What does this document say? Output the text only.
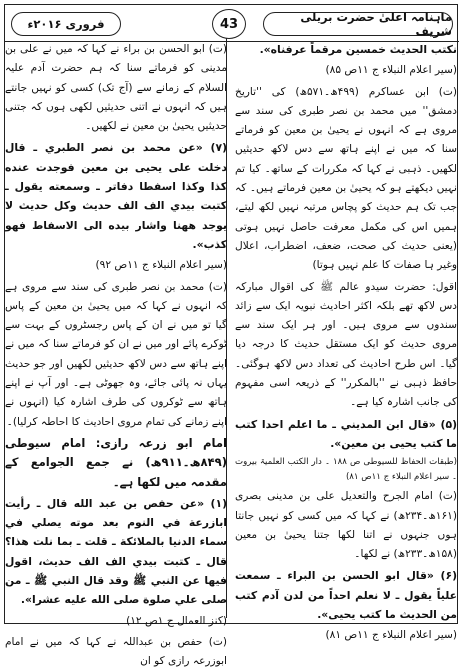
ماہنامہ اعلیٰ حضرت بریلی شریف
43
فروری ۲۰۱۶ء

نكتب الحديث خمسين مرقماً عرفناه».

(سیر اعلام النبلاء ج ۱۱ص ۸۵)

(ت) ابن عساکرم (۴۹۹ھ۔۵۷۱ھ) کی ''تاریخ دمشق'' میں محمد بن نصر طبری کی سند سے مروی ہے کہ انہوں نے یحییٰ بن معین کو فرماتے سنا کہ میں نے اپنے ہاتھ سے دس لاکھ حدیثیں لکھیں۔ ذہبی نے کہا کہ مکررات کے ساتھ۔ کیا تم نہیں دیکھتے ہو کہ یحییٰ بن معین فرماتے ہیں۔ کہ جب تک ہم حدیث کو پچاس مرتبہ نہیں لکھ لیتے، ہمیں اس کی مکمل معرفت حاصل نہیں ہوتی (یعنی حدیث کی صحت، ضعف، اضطراب، اعلال وغیر ہا صفات کا علم نہیں ہوتا)

اقول: حضرت سیدو عالم ﷺ کی اقوال مبارکہ دس لاکھ تھے بلکہ اکثر احادیث نبویہ ایک سے زائد سندوں سے مروی ہیں۔ اور ہر ایک سند سے مروی حدیث کو ایک مستقل حدیث کا درجہ دیا گیا۔ اس طرح احادیث کی تعداد دس لاکھ ہوگئی۔ حافظ ذہبی نے ''بالمکرر'' کے ذریعہ اسی مفہوم کی جانب اشارہ کیا ہے۔

(۵) «قال ابن المديني ـ ما اعلم احدا كتب ما كتب يحيى بن معين».

(طبقات الحفاظ للسیوطی ص ۱۸۸ ۔ دار الکتب العلمیۃ بیروت ۔ سیر اعلام النبلاء ج ۱۱ص ۸۱)

(ت) امام الجرح والتعدیل علی بن مدینی بصری (۱۶۱ھ۔۲۳۴ھ) نے کہا کہ میں کسی کو نہیں جانتا ہوں جنہوں نے اتنا لکھا جتنا یحییٰ بن معین (۱۵۸ھ۔۲۳۳ھ) نے لکھا۔

(۶) «قال ابو الحسن بن البراء ـ سمعت علياً يقول ـ لا نعلم احداً من لدن آدم كتب من الحديث ما كتب يحيى».

(سیر اعلام النبلاء ج ۱۱ص ۸۱)

(ت) ابو الحسن بن براء نے کہا کہ میں نے علی بن مدینی کو فرماتے سنا کہ ہم حضرت آدم علیہ السلام کے زمانے سے (آج تک) کسی کو نہیں جانتے ہیں کہ انہوں نے اتنی حدیثیں لکھی ہوں کہ جتنی حدیثیں یحییٰ بن معین نے لکھیں۔

(۷) «عن محمد بن نصر الطبري ـ قال دخلت على يحيى بن معين فوجدت عنده كذا وكذا اسفطا دفاتر ـ وسمعته يقول ـ كتبت بيدي الف الف حديث وكل حديث لا يوجد ههنا واشار بيده الى الاسفاط فهو كذب».

(سیر اعلام النبلاء ج ۱۱ص ۹۲)

(ت) محمد بن نصر طبری کی سند سے مروی ہے کہ انہوں نے کہا کہ میں یحییٰ بن معین کے پاس گیا تو میں نے ان کے پاس رجسٹروں کے بہت سے ٹوکرے پائے اور میں نے ان کو فرماتے سنا کہ میں نے اپنے ہاتھ سے دس لاکھ حدیثیں لکھیں اور جو حدیث یہاں نہ پائی جائے، وہ جھوٹی ہے۔ اور آپ نے اپنے ہاتھ سے ٹوکروں کی طرف اشارہ کیا (انہوں نے اپنے زمانے کی تمام مروی احادیث کا احاطہ کرلیا)۔

امام ابو زرعہ رازی: امام سیوطی (۸۴۹ھ۔۹۱۱ھ) نے جمع الجوامع کے مقدمہ میں لکھا ہے۔

(۱) «عن حفص بن عبد الله قال ـ رأيت ابازرعة في النوم بعد موته يصلي في سماء الدنيا بالملائكة ـ قلت ـ بما نلت هذا؟ قال ـ كتبت بيدي الف الف حديث، اقول فيها عن النبي ﷺ وقد قال النبي ﷺ ـ من صلى علي صلوة صلى الله عليه عشرا».

(کنز العمال ج ۱ص ۱۲)

(ت) حفص بن عبداللہ نے کہا کہ میں نے امام ابوزرعہ رازی کو ان
